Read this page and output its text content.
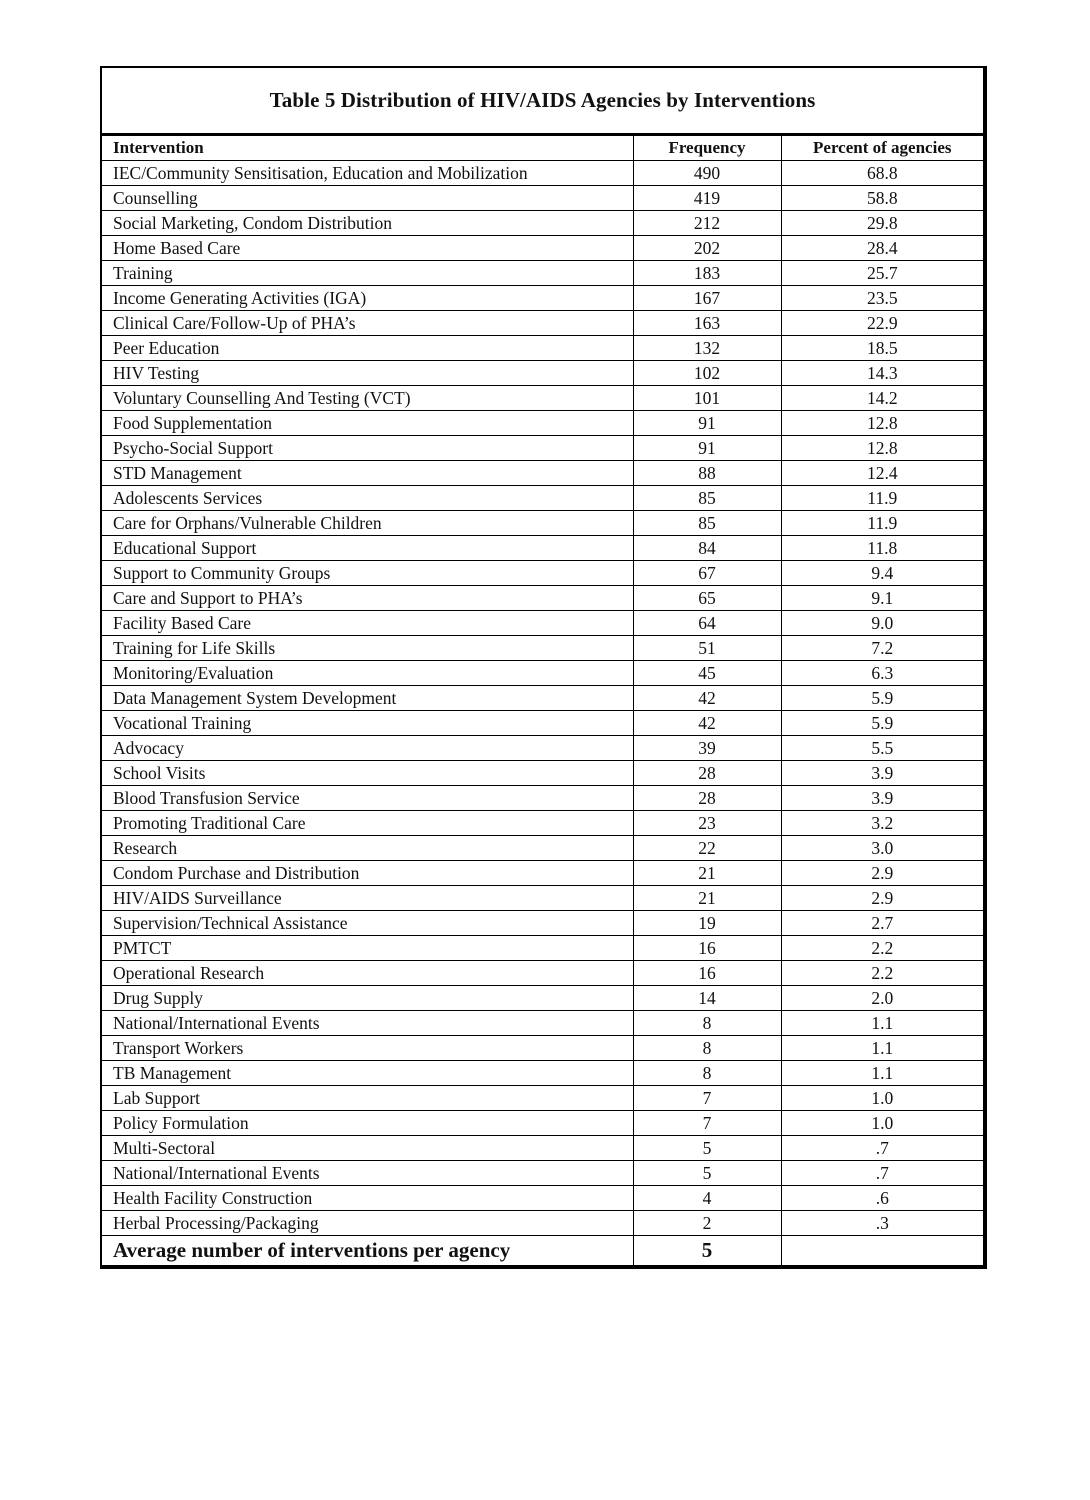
Table 5 Distribution of HIV/AIDS Agencies by Interventions
Intervention	Frequency	Percent of agencies
IEC/Community Sensitisation, Education and Mobilization	490	68.8
Counselling	419	58.8
Social Marketing, Condom Distribution	212	29.8
Home Based Care	202	28.4
Training	183	25.7
Income Generating Activities (IGA)	167	23.5
Clinical Care/Follow-Up of PHA’s	163	22.9
Peer Education	132	18.5
HIV Testing	102	14.3
Voluntary Counselling And Testing (VCT)	101	14.2
Food Supplementation	91	12.8
Psycho-Social Support	91	12.8
STD Management	88	12.4
Adolescents Services	85	11.9
Care for Orphans/Vulnerable Children	85	11.9
Educational Support	84	11.8
Support to Community Groups	67	9.4
Care and Support to PHA’s	65	9.1
Facility Based Care	64	9.0
Training for Life Skills	51	7.2
Monitoring/Evaluation	45	6.3
Data Management System Development	42	5.9
Vocational Training	42	5.9
Advocacy	39	5.5
School Visits	28	3.9
Blood Transfusion Service	28	3.9
Promoting Traditional Care	23	3.2
Research	22	3.0
Condom Purchase and Distribution	21	2.9
HIV/AIDS Surveillance	21	2.9
Supervision/Technical Assistance	19	2.7
PMTCT	16	2.2
Operational Research	16	2.2
Drug Supply	14	2.0
National/International Events	8	1.1
Transport Workers	8	1.1
TB Management	8	1.1
Lab Support	7	1.0
Policy Formulation	7	1.0
Multi-Sectoral	5	.7
National/International Events	5	.7
Health Facility Construction	4	.6
Herbal Processing/Packaging	2	.3
Average number of interventions per agency	5	
